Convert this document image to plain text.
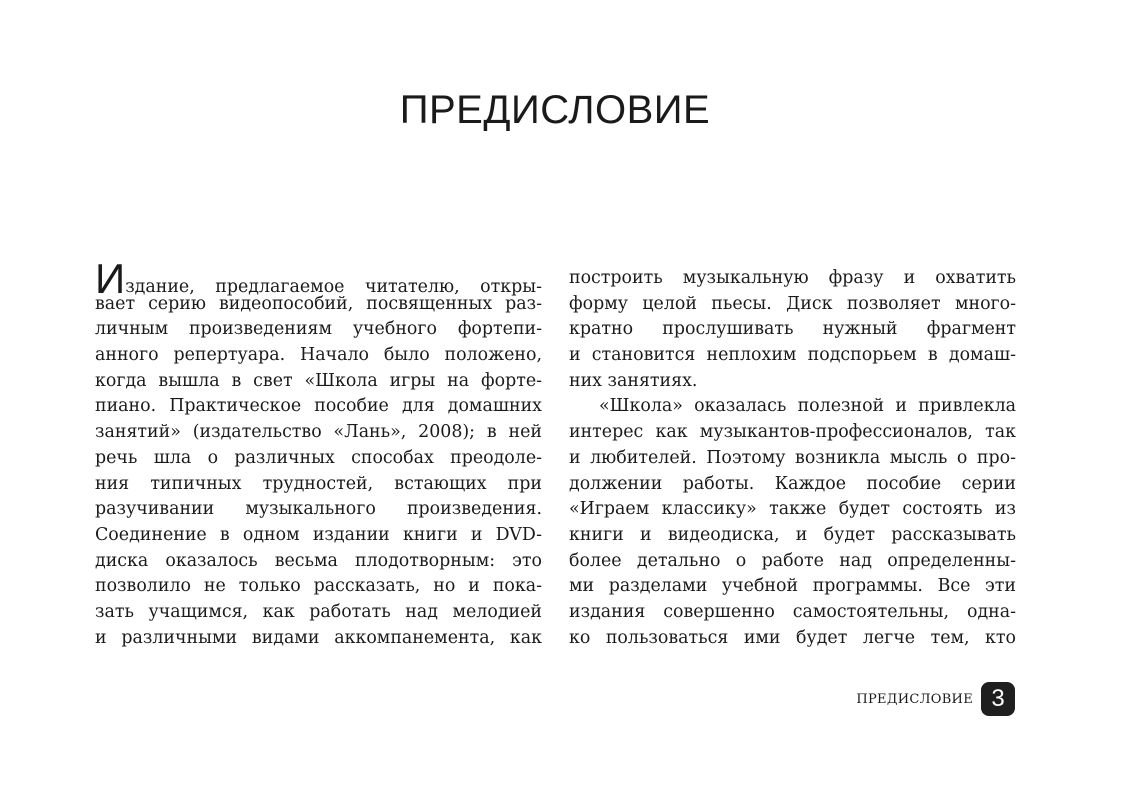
ПРЕДИСЛОВИЕ
Издание, предлагаемое читателю, откры-
вает серию видеопособий, посвященных раз-
личным произведениям учебного фортепи-
анного репертуара. Начало было положено,
когда вышла в свет «Школа игры на форте-
пиано. Практическое пособие для домашних
занятий» (издательство «Лань», 2008); в ней
речь шла о различных способах преодоле-
ния типичных трудностей, встающих при
разучивании музыкального произведения.
Соединение в одном издании книги и DVD-
диска оказалось весьма плодотворным: это
позволило не только рассказать, но и пока-
зать учащимся, как работать над мелодией
и различными видами аккомпанемента, как
построить музыкальную фразу и охватить
форму целой пьесы. Диск позволяет много-
кратно прослушивать нужный фрагмент
и становится неплохим подспорьем в домаш-
них занятиях.
«Школа» оказалась полезной и привлекла
интерес как музыкантов-профессионалов, так
и любителей. Поэтому возникла мысль о про-
должении работы. Каждое пособие серии
«Играем классику» также будет состоять из
книги и видеодиска, и будет рассказывать
более детально о работе над определенны-
ми разделами учебной программы. Все эти
издания совершенно самостоятельны, одна-
ко пользоваться ими будет легче тем, кто
ПРЕДИСЛОВИЕ 3
